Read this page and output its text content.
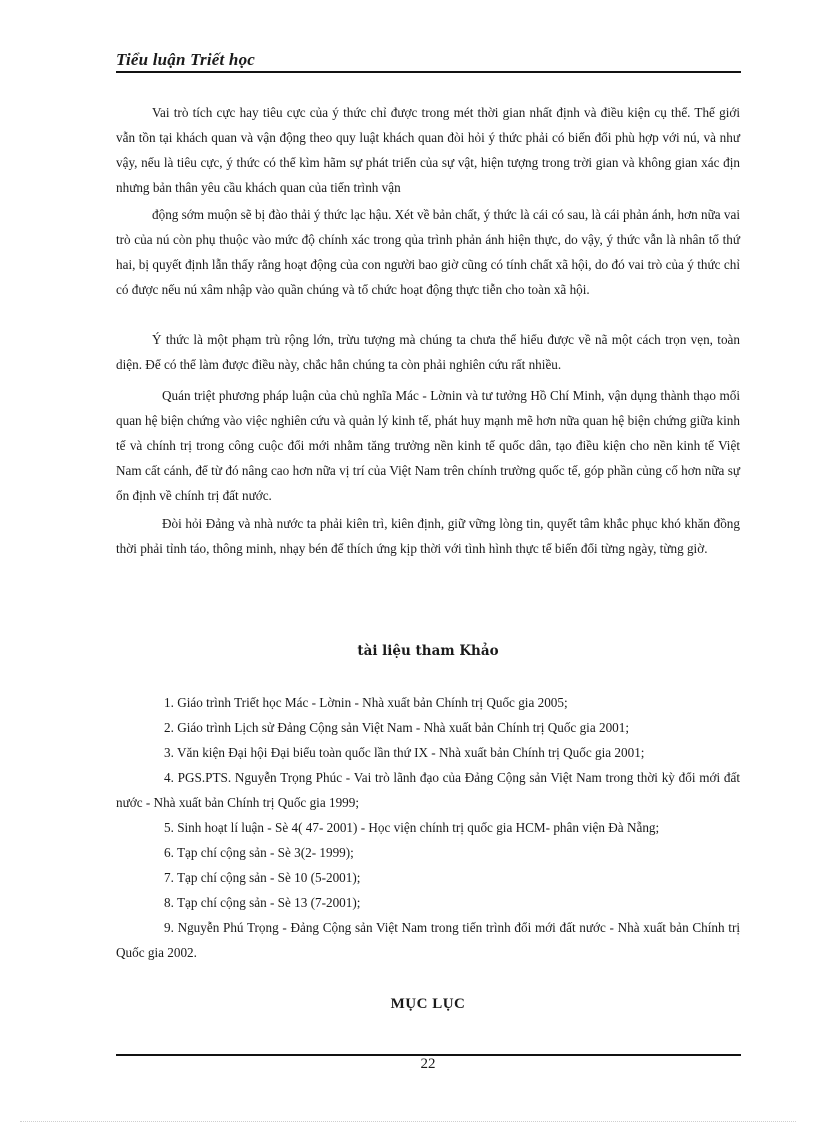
Tiểu luận Triết học

Vai trò tích cực hay tiêu cực của ý thức chỉ được trong mét thời gian nhất định và điều kiện cụ thể. Thế giới vẫn tồn tại khách quan và vận động theo quy luật khách quan đòi hỏi ý thức phải có biến đổi phù hợp với nú, và như vậy, nếu là tiêu cực, ý thức có thể kìm hãm sự phát triển của sự vật, hiện tượng trong trời gian và không gian xác địn nhưng bản thân yêu cầu khách quan của tiến trình vận

động sớm muộn sẽ bị đào thải ý thức lạc hậu. Xét về bản chất, ý thức là cái có sau, là cái phản ánh, hơn nữa vai trò của nú còn phụ thuộc vào mức độ chính xác trong qủa trình phản ánh hiện thực, do vậy, ý thức vẫn là nhân tố thứ hai, bị quyết định lẫn thấy rằng hoạt động của con người bao giờ cũng có tính chất xã hội, do đó vai trò của ý thức chỉ có được nếu nú xâm nhập vào quần chúng và tổ chức hoạt động thực tiễn cho toàn xã hội.

Ý thức là một phạm trù rộng lớn, trừu tượng mà chúng ta chưa thể hiểu được về nã một cách trọn vẹn, toàn diện. Để có thể làm được điều này, chắc hẳn chúng ta còn phải nghiên cứu rất nhiều.

Quán triệt phương pháp luận của chủ nghĩa Mác - Lờnin và tư tưởng Hồ Chí Minh, vận dụng thành thạo mối quan hệ biện chứng vào việc nghiên cứu và quản lý kinh tế, phát huy mạnh mẽ hơn nữa quan hệ biện chứng giữa kinh tế và chính trị trong công cuộc đổi mới nhằm tăng trưởng nền kinh tế quốc dân, tạo điều kiện cho nền kinh tế Việt Nam cất cánh, để từ đó nâng cao hơn nữa vị trí của Việt Nam trên chính trường quốc tế, góp phần củng cố hơn nữa sự ổn định về chính trị đất nước.

Đòi hỏi Đảng và nhà nước ta phải kiên trì, kiên định, giữ vững lòng tin, quyết tâm khắc phục khó khăn đồng thời phải tỉnh táo, thông minh, nhạy bén để thích ứng kịp thời với tình hình thực tế biến đổi từng ngày, từng giờ.

tài liệu tham Khảo
1. Giáo trình Triết học Mác - Lờnin - Nhà xuất bản Chính trị Quốc gia 2005;
2. Giáo trình Lịch sử Đảng Cộng sản Việt Nam - Nhà xuất bản Chính trị Quốc gia 2001;
3. Văn kiện Đại hội Đại biểu toàn quốc lần thứ IX - Nhà xuất bản Chính trị Quốc gia 2001;
4. PGS.PTS. Nguyễn Trọng Phúc - Vai trò lãnh đạo của Đảng Cộng sản Việt Nam trong thời kỳ đổi mới đất nước - Nhà xuất bản Chính trị Quốc gia 1999;
5. Sinh hoạt lí luận - Sè 4( 47- 2001) - Học viện chính trị quốc gia HCM- phân viện Đà Nẵng;
6. Tạp chí cộng sản - Sè 3(2- 1999);
7. Tạp chí cộng sản - Sè 10 (5-2001);
8. Tạp chí cộng sản - Sè 13 (7-2001);
9. Nguyễn Phú Trọng - Đảng Cộng sản Việt Nam trong tiến trình đổi mới đất nước - Nhà xuất bản Chính trị Quốc gia 2002.
MỤC LỤC
22
